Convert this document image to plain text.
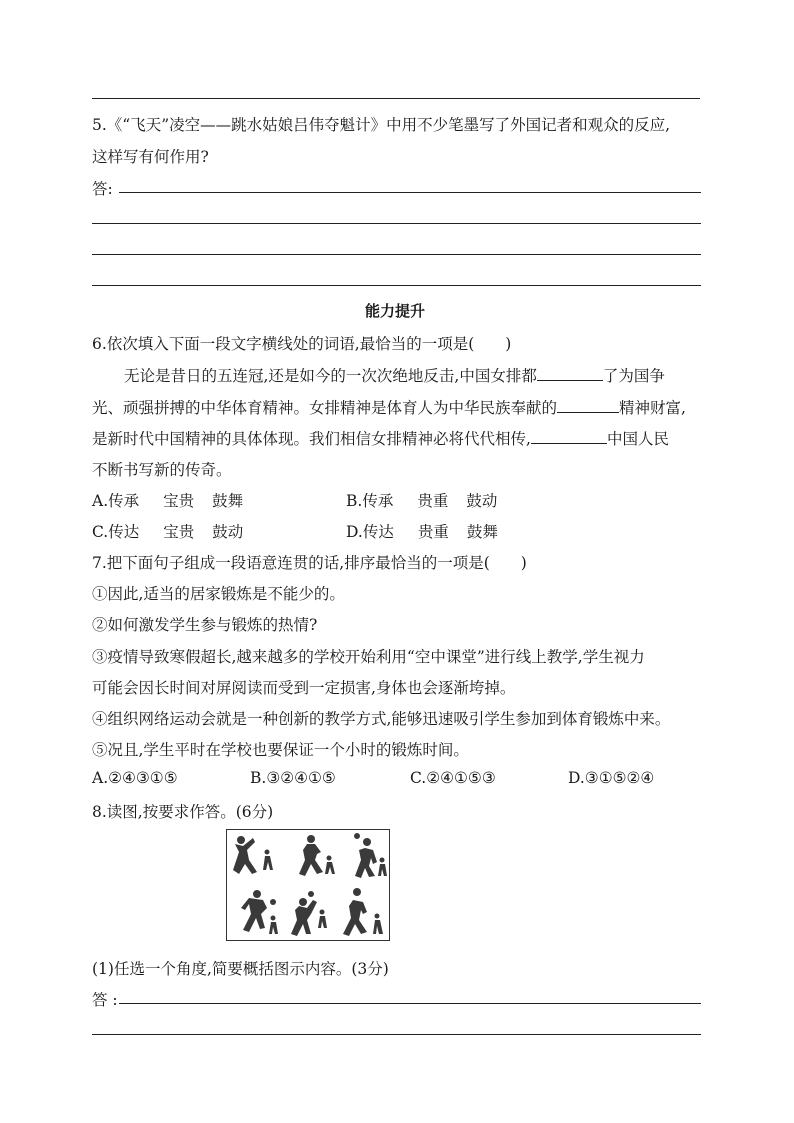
5.《“飞天”凌空——跳水姑娘吕伟夺魁计》中用不少笔墨写了外国记者和观众的反应,
这样写有何作用?
答:
能力提升
6.依次填入下面一段文字横线处的词语,最恰当的一项是(　　)
无论是昔日的五连冠,还是如今的一次次绝地反击,中国女排都	了为国争
光、顽强拼搏的中华体育精神。女排精神是体育人为中华民族奉献的	精神财富,
是新时代中国精神的具体体现。我们相信女排精神必将代代相传,	中国人民
不断书写新的传奇。
A.传承 宝贵 鼓舞	B.传承 贵重 鼓动
C.传达 宝贵 鼓动	D.传达 贵重 鼓舞
7.把下面句子组成一段语意连贯的话,排序最恰当的一项是(　　)
①因此,适当的居家锻炼是不能少的。
②如何激发学生参与锻炼的热情?
③疫情导致寒假超长,越来越多的学校开始利用“空中课堂”进行线上教学,学生视力
可能会因长时间对屏阅读而受到一定损害,身体也会逐渐垮掉。
④组织网络运动会就是一种创新的教学方式,能够迅速吸引学生参加到体育锻炼中来。
⑤况且,学生平时在学校也要保证一个小时的锻炼时间。
A.②④③①⑤	B.③②④①⑤	C.②④①⑤③	D.③①⑤②④
8.读图,按要求作答。(6分)
(1)任选一个角度,简要概括图示内容。(3分)
答 :
